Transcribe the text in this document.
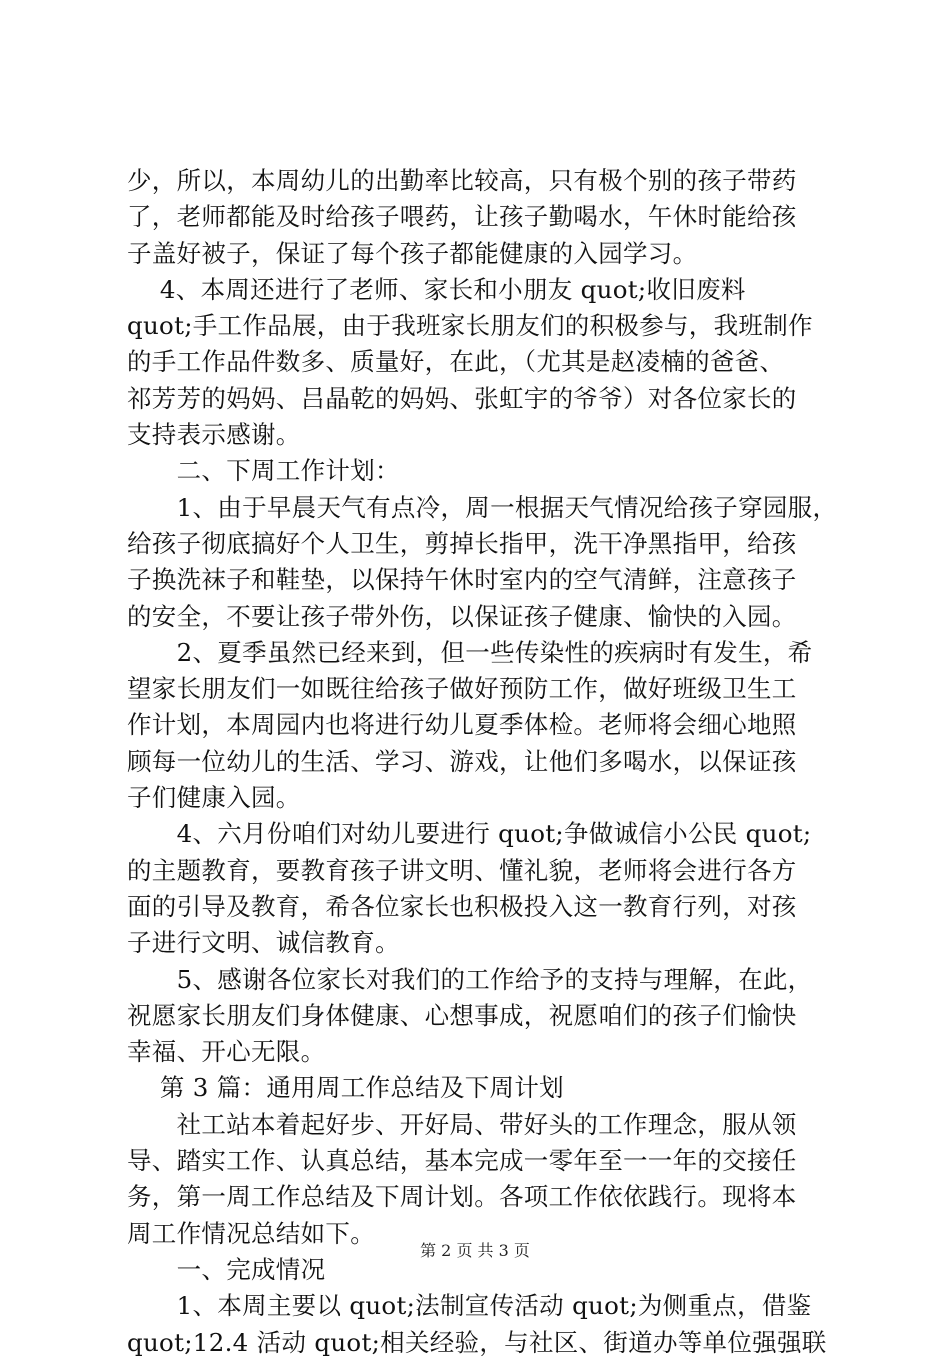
少，所以，本周幼儿的出勤率比较高，只有极个别的孩子带药
了，老师都能及时给孩子喂药，让孩子勤喝水，午休时能给孩
子盖好被子，保证了每个孩子都能健康的入园学习。
　 4、本周还进行了老师、家长和小朋友 quot;收旧废料
quot;手工作品展，由于我班家长朋友们的积极参与，我班制作
的手工作品件数多、质量好，在此，（尤其是赵凌楠的爸爸、
祁芳芳的妈妈、吕晶乾的妈妈、张虹宇的爷爷）对各位家长的
支持表示感谢。
　　二、下周工作计划：
　　1、由于早晨天气有点冷，周一根据天气情况给孩子穿园服，
给孩子彻底搞好个人卫生，剪掉长指甲，洗干净黑指甲，给孩
子换洗袜子和鞋垫，以保持午休时室内的空气清鲜，注意孩子
的安全，不要让孩子带外伤，以保证孩子健康、愉快的入园。
　　2、夏季虽然已经来到，但一些传染性的疾病时有发生，希
望家长朋友们一如既往给孩子做好预防工作，做好班级卫生工
作计划，本周园内也将进行幼儿夏季体检。老师将会细心地照
顾每一位幼儿的生活、学习、游戏，让他们多喝水，以保证孩
子们健康入园。
　　4、六月份咱们对幼儿要进行 quot;争做诚信小公民 quot;
的主题教育，要教育孩子讲文明、懂礼貌，老师将会进行各方
面的引导及教育，希各位家长也积极投入这一教育行列，对孩
子进行文明、诚信教育。
　　5、感谢各位家长对我们的工作给予的支持与理解，在此，
祝愿家长朋友们身体健康、心想事成，祝愿咱们的孩子们愉快
幸福、开心无限。
　 第 3 篇：通用周工作总结及下周计划
　　社工站本着起好步、开好局、带好头的工作理念，服从领
导、踏实工作、认真总结，基本完成一零年至一一年的交接任
务，第一周工作总结及下周计划。各项工作依依践行。现将本
周工作情况总结如下。
　　一、完成情况
　　1、本周主要以 quot;法制宣传活动 quot;为侧重点，借鉴
quot;12.4 活动 quot;相关经验，与社区、街道办等单位强强联
第 2 页 共 3 页
